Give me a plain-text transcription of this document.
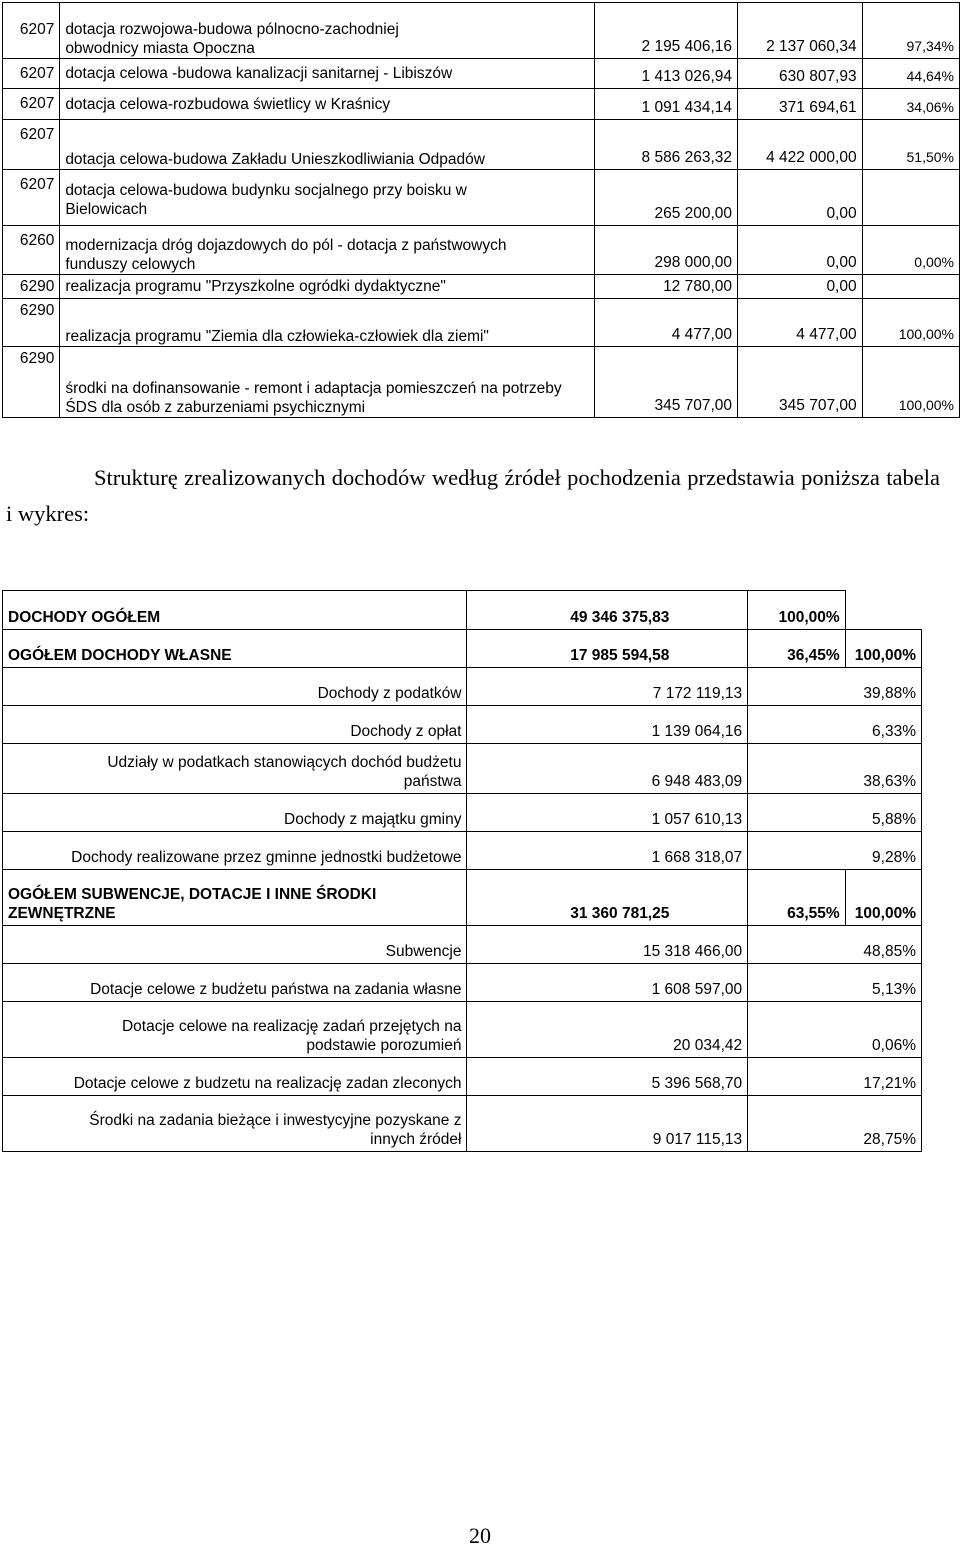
6207	dotacja rozwojowa-budowa pólnocno-zachodniej obwodnicy miasta Opoczna	2 195 406,16	2 137 060,34	97,34%
6207	dotacja celowa -budowa kanalizacji sanitarnej - Libiszów	1 413 026,94	630 807,93	44,64%
6207	dotacja celowa-rozbudowa świetlicy w Kraśnicy	1 091 434,14	371 694,61	34,06%
6207	dotacja celowa-budowa Zakładu Unieszkodliwiania Odpadów	8 586 263,32	4 422 000,00	51,50%
6207	dotacja celowa-budowa budynku socjalnego przy boisku w Bielowicach	265 200,00	0,00	
6260	modernizacja dróg dojazdowych do pól - dotacja z państwowych funduszy celowych	298 000,00	0,00	0,00%
6290	realizacja programu "Przyszkolne ogródki dydaktyczne"	12 780,00	0,00	
6290	realizacja programu "Ziemia dla człowieka-człowiek dla ziemi"	4 477,00	4 477,00	100,00%
6290	środki na dofinansowanie - remont i adaptacja pomieszczeń na potrzeby ŚDS dla osób z zaburzeniami psychicznymi	345 707,00	345 707,00	100,00%

Strukturę zrealizowanych dochodów według źródeł pochodzenia przedstawia poniższa tabela i wykres:

DOCHODY OGÓŁEM	49 346 375,83	100,00%	
OGÓŁEM DOCHODY WŁASNE	17 985 594,58	36,45%	100,00%
Dochody z podatków	7 172 119,13	39,88%	
Dochody z opłat	1 139 064,16	6,33%	
Udziały w podatkach stanowiących dochód budżetu państwa	6 948 483,09	38,63%	
Dochody z majątku gminy	1 057 610,13	5,88%	
Dochody realizowane przez gminne jednostki budżetowe	1 668 318,07	9,28%	
OGÓŁEM SUBWENCJE, DOTACJE I INNE ŚRODKI ZEWNĘTRZNE	31 360 781,25	63,55%	100,00%
Subwencje	15 318 466,00	48,85%	
Dotacje celowe z budżetu państwa na zadania własne	1 608 597,00	5,13%	
Dotacje celowe na realizację zadań przejętych na podstawie porozumień	20 034,42	0,06%	
Dotacje celowe z budzetu na realizację zadan zleconych	5 396 568,70	17,21%	
Środki na zadania bieżące i inwestycyjne pozyskane z innych źródeł	9 017 115,13	28,75%	
20
